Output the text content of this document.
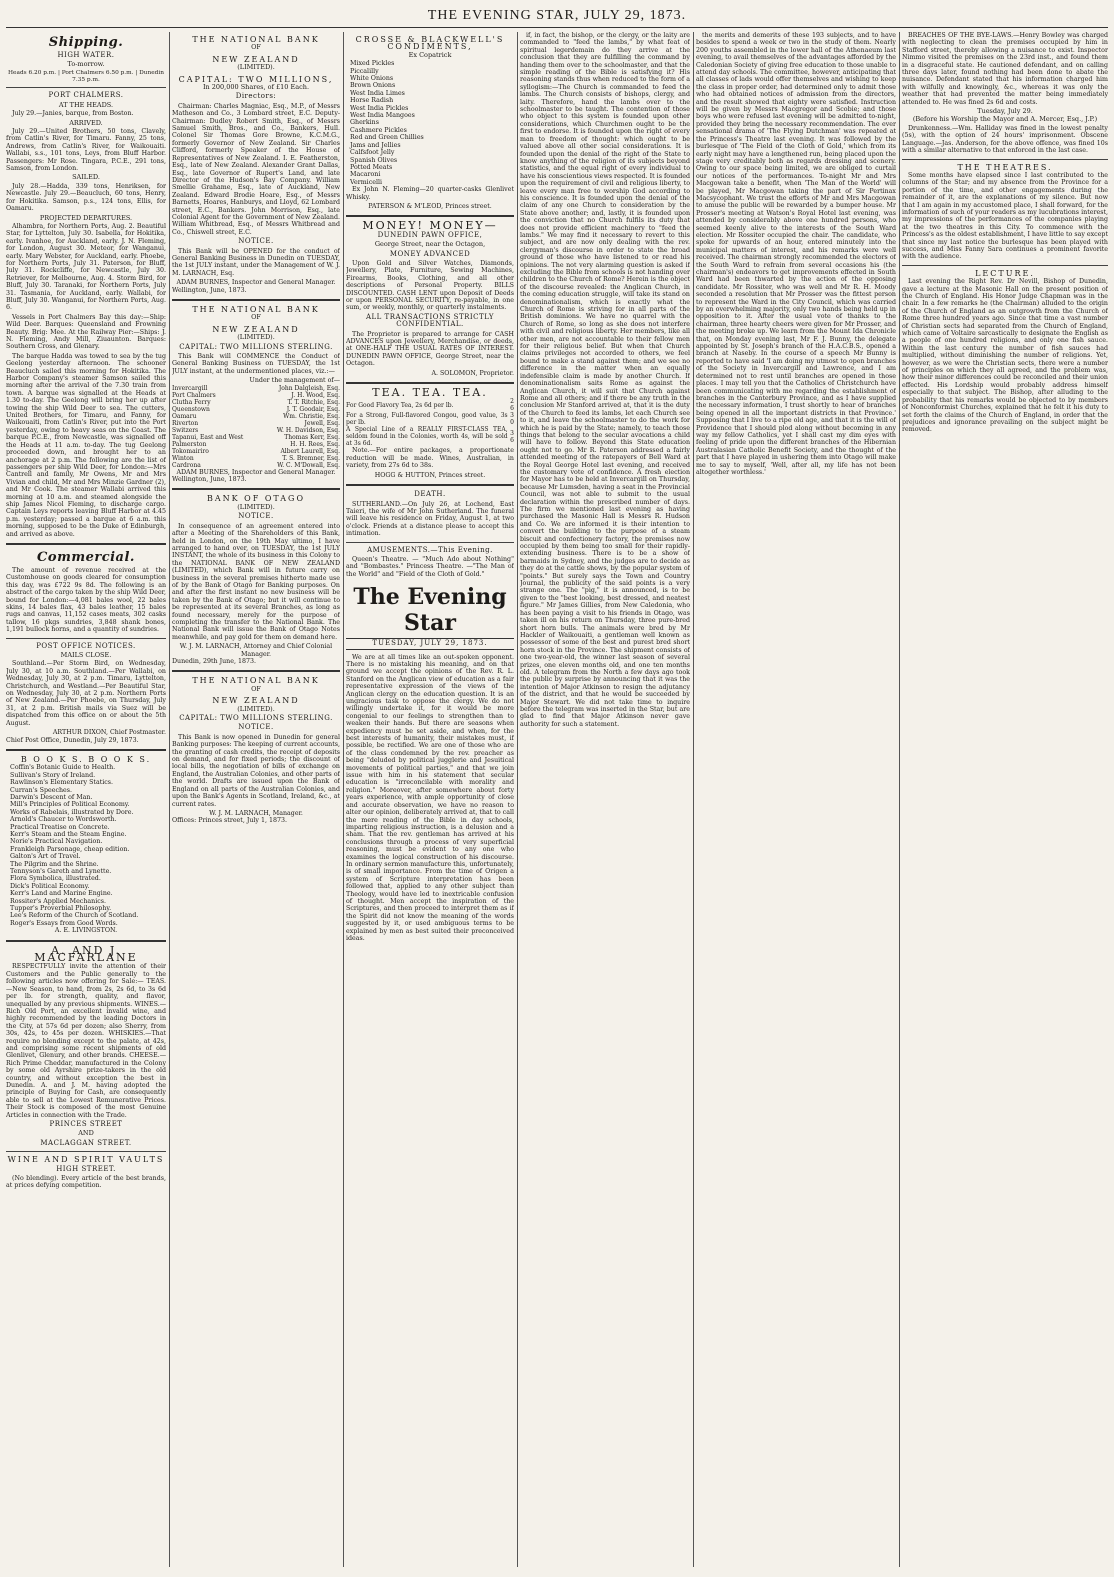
THE EVENING STAR, JULY 29, 1873.
Shipping.
HIGH WATER.
To-morrow.
Heads 6.20 p.m. | Port Chalmers 6.50 p.m. | Dunedin 7.35 p.m.
PORT CHALMERS.
AT THE HEADS.

July 29.—Janies, barque, from Boston.

ARRIVED.

July 29.—United Brothers, 50 tons, Clavely, from Catlin's River, for Timaru. Fanny, 25 tons, Andrews, from Catlin's River, for Waikouaiti. Wallabi, s.s., 101 tons, Leys, from Bluff Harbor. Passengers: Mr Rose. Tingara, P.C.E., 291 tons, Samson, from London.

SAILED.

July 28.—Hadda, 339 tons, Henriksen, for Newcastle. July 29.—Beaucluch, 60 tons, Henry, for Hokitika. Samson, p.s., 124 tons, Ellis, for Oamaru.

PROJECTED DEPARTURES.

Alhambra, for Northern Ports, Aug. 2. Beautiful Star, for Lyttelton, July 30. Isabella, for Hokitika, early. Ivanhoe, for Auckland, early. J. N. Fleming, for London, August 30. Meteor, for Wanganui, early. Mary Webster, for Auckland, early. Phoebe, for Northern Ports, July 31. Paterson, for Bluff, July 31. Rockcliffe, for Newcastle, July 30. Retriever, for Melbourne, Aug. 4. Storm Bird, for Bluff, July 30. Taranaki, for Northern Ports, July 31. Tasmania, for Auckland, early. Wallabi, for Bluff, July 30. Wanganui, for Northern Ports, Aug. 6.

Vessels in Port Chalmers Bay this day:—Ship: Wild Deer. Barques: Queensland and Frowning Beauty. Brig: Mee. At the Railway Pier:—Ships: J. N. Fleming, Andy Mill, Ziuaunton. Barques: Southern Cross, and Glenary.

The barque Hadda was towed to sea by the tug Geelong yesterday afternoon. The schooner Beaucluch sailed this morning for Hokitika. The Harbor Company's steamer Samson sailed this morning after the arrival of the 7.30 train from town. A barque was signalled at the Heads at 1.30 to-day. The Geelong will bring her up after towing the ship Wild Deer to sea. The cutters, United Brothers, for Timaru, and Fanny, for Waikouaiti, from Catlin's River, put into the Port yesterday, owing to heavy seas on the Coast. The barque P.C.E., from Newcastle, was signalled off the Heads at 11 a.m. to-day. The tug Geelong proceeded down, and brought her to an anchorage at 2 p.m. The following are the list of passengers per ship Wild Deer, for London:—Mrs Cantrell and family, Mr Owens, Mr and Mrs Vivian and child, Mr and Mrs Minzie Gardner (2), and Mr Cook. The steamer Wallabi arrived this morning at 10 a.m. and steamed alongside the ship James Nicol Fleming, to discharge cargo. Captain Leys reports leaving Bluff Harbor at 4.45 p.m. yesterday; passed a barque at 6 a.m. this morning, supposed to be the Duke of Edinburgh, and arrived as above.

Commercial.

The amount of revenue received at the Customhouse on goods cleared for consumption this day, was £722 9s 8d. The following is an abstract of the cargo taken by the ship Wild Deer, bound for London:—4,081 bales wool, 22 bales skins, 14 bales flax, 43 bales leather, 15 bales rugs and canvas, 11,152 cases meats, 302 casks tallow, 16 pkgs sundries, 3,848 shank bones, 1,191 bullock horns, and a quantity of sundries.

POST OFFICE NOTICES.
MAILS CLOSE.

Southland.—Per Storm Bird, on Wednesday, July 30, at 10 a.m. Southland.—Per Wallabi, on Wednesday, July 30, at 2 p.m. Timaru, Lyttelton, Christchurch, and Westland.—Per Beautiful Star, on Wednesday, July 30, at 2 p.m. Northern Ports of New Zealand.—Per Phoebe, on Thursday, July 31, at 2 p.m. British mails via Suez will be dispatched from this office on or about the 5th August.

ARTHUR DIXON, Chief Postmaster.
Chief Post Office, Dunedin, July 29, 1873.
B O O K S. B O O K S.
Coffin's Botanic Guide to Health.
Sullivan's Story of Ireland.
Rawlinson's Elementary Statics.
Curran's Speeches.
Darwin's Descent of Man.
Mill's Principles of Political Economy.
Works of Rabelais, illustrated by Dore.
Arnold's Chaucer to Wordsworth.
Practical Treatise on Concrete.
Kerr's Steam and the Steam Engine.
Norie's Practical Navigation.
Frankleigh Parsonage, cheap edition.
Galton's Art of Travel.
The Pilgrim and the Shrine.
Tennyson's Gareth and Lynette.
Flora Symbolica, illustrated.
Dick's Political Economy.
Kerr's Land and Marine Engine.
Rossiter's Applied Mechanics.
Tupper's Proverbial Philosophy.
Lee's Reform of the Church of Scotland.
Roger's Essays from Good Words.
A. E. LIVINGSTON.
A. AND J. MACFARLANE

RESPECTFULLY invite the attention of their Customers and the Public generally to the following articles now offering for Sale:— TEAS.—New Season, to hand, from 2s, 2s 6d, to 3s 6d per lb. for strength, quality, and flavor, unequalled by any previous shipments. WINES.—Rich Old Port, an excellent invalid wine, and highly recommended by the leading Doctors in the City, at 57s 6d per dozen; also Sherry, from 30s, 42s, to 45s per dozen. WHISKIES.—That require no blending except to the palate, at 42s, and comprising some recent shipments of old Glenlivet, Glenury, and other brands. CHEESE.—Rich Prime Cheddar, manufactured in the Colony by some old Ayrshire prize-takers in the old country, and without exception the best in Dunedin. A. and J. M. having adopted the principle of Buying for Cash, are consequently able to sell at the Lowest Remunerative Prices. Their Stock is composed of the most Genuine Articles in connection with the Trade.

PRINCES STREET
AND
MACLAGGAN STREET.
WINE AND SPIRIT VAULTS
HIGH STREET.

(No blending). Every article of the best brands, at prices defying competition.

THE NATIONAL BANK
OF
NEW ZEALAND
(LIMITED).
CAPITAL: TWO MILLIONS,
In 200,000 Shares, of £10 Each.
Directors:

Chairman: Charles Magniac, Esq., M.P., of Messrs Matheson and Co., 3 Lombard street, E.C. Deputy-Chairman: Dudley Robert Smith, Esq., of Messrs Samuel Smith, Bros., and Co., Bankers, Hull. Colonel Sir Thomas Gore Browne, K.C.M.G., formerly Governor of New Zealand. Sir Charles Clifford, formerly Speaker of the House of Representatives of New Zealand. I. E. Featherston, Esq., late of New Zealand. Alexander Grant Dallas, Esq., late Governor of Rupert's Land, and late Director of the Hudson's Bay Company. William Smellie Grahame, Esq., late of Auckland, New Zealand. Edward Brodie Hoare, Esq., of Messrs Barnetts, Hoares, Hanburys, and Lloyd, 62 Lombard street, E.C., Bankers. John Morrison, Esq., late Colonial Agent for the Government of New Zealand. William Whitbread, Esq., of Messrs Whitbread and Co., Chiswell street, E.C.

NOTICE.

This Bank will be OPENED for the conduct of General Banking Business in Dunedin on TUESDAY, the 1st JULY instant, under the Management of W. J. M. LARNACH, Esq.

ADAM BURNES, Inspector and General Manager.
Wellington, June, 1873.
THE NATIONAL BANK
OF
NEW ZEALAND
(LIMITED).
CAPITAL: TWO MILLIONS STERLING.

This Bank will COMMENCE the Conduct of General Banking Business on TUESDAY, the 1st JULY instant, at the undermentioned places, viz.:—

Under the management of—
Invercargill	John Dalgleish, Esq.
Port Chalmers	J. H. Wood, Esq.
Clutha Ferry	T. T. Ritchie, Esq.
Queenstown	J. T. Goodair, Esq.
Oamaru	Wm. Christie, Esq.
Riverton	Jewell, Esq.
Switzers	W. H. Davidson, Esq.
Tapanui, East and West	Thomas Kerr, Esq.
Palmerston	H. H. Rees, Esq.
Tokomairiro	Albert Laurell, Esq.
Winton	T. S. Bremner, Esq.
Cardrona	W. C. M'Dowall, Esq.
ADAM BURNES, Inspector and General Manager.
Wellington, June, 1873.
BANK OF OTAGO
(LIMITED).
NOTICE.

In consequence of an agreement entered into after a Meeting of the Shareholders of this Bank, held in London, on the 19th May ultimo, I have arranged to hand over, on TUESDAY, the 1st JULY INSTANT, the whole of its business in this Colony to the NATIONAL BANK OF NEW ZEALAND (LIMITED), which Bank will in future carry on business in the several premises hitherto made use of by the Bank of Otago for Banking purposes. On and after the first instant no new business will be taken by the Bank of Otago; but it will continue to be represented at its several Branches, as long as found necessary, merely for the purpose of completing the transfer to the National Bank. The National Bank will issue the Bank of Otago Notes meanwhile, and pay gold for them on demand here.

W. J. M. LARNACH, Attorney and Chief Colonial Manager.
Dunedin, 29th June, 1873.
THE NATIONAL BANK
OF
NEW ZEALAND
(LIMITED).
CAPITAL: TWO MILLIONS STERLING.
NOTICE.

This Bank is now opened in Dunedin for general Banking purposes: The keeping of current accounts, the granting of cash credits, the receipt of deposits on demand, and for fixed periods; the discount of local bills, the negotiation of bills of exchange on England, the Australian Colonies, and other parts of the world. Drafts are issued upon the Bank of England on all parts of the Australian Colonies, and upon the Bank's Agents in Scotland, Ireland, &c., at current rates.

W. J. M. LARNACH, Manager.
Offices: Princes street, July 1, 1873.
CROSSE & BLACKWELL'S CONDIMENTS,
Ex Copatrick
Mixed Pickles
Piccalilly
White Onions
Brown Onions
West India Limes
Horse Radish
West India Pickles
West India Mangoes
Gherkins
Cashmere Pickles
Red and Green Chillies
Jams and Jellies
Calfsfoot Jelly
Spanish Olives
Potted Meats
Macaroni
Vermicelli

Ex John N. Fleming—20 quarter-casks Glenlivet Whisky.

PATERSON & M'LEOD, Princes street.
MONEY! MONEY—
DUNEDIN PAWN OFFICE,
George Street, near the Octagon,
MONEY ADVANCED

Upon Gold and Silver Watches, Diamonds, Jewellery, Plate, Furniture, Sewing Machines, Firearms, Books, Clothing, and all other descriptions of Personal Property. BILLS DISCOUNTED. CASH LENT upon Deposit of Deeds or upon PERSONAL SECURITY, re-payable, in one sum, or weekly, monthly, or quarterly instalments.

ALL TRANSACTIONS STRICTLY CONFIDENTIAL.

The Proprietor is prepared to arrange for CASH ADVANCES upon Jewellery, Merchandise, or deeds, at ONE-HALF THE USUAL RATES OF INTEREST. DUNEDIN PAWN OFFICE, George Street, near the Octagon.

A. SOLOMON, Proprietor.
TEA. TEA. TEA.
For Good Flavory Tea, 2s 6d per lb.	2 6
For a Strong, Full-flavored Congou, good value, 3s per lb.	3 0
A Special Line of a REALLY FIRST-CLASS TEA, seldom found in the Colonies, worth 4s, will be sold at 3s 6d.	3 6

Note.—For entire packages, a proportionate reduction will be made. Wines, Australian, in variety, from 27s 6d to 38s.

HOGG & HUTTON, Princes street.
DEATH.

SUTHERLAND.—On July 26, at Lochend, East Taieri, the wife of Mr John Sutherland. The funeral will leave his residence on Friday, August 1, at two o'clock. Friends at a distance please to accept this intimation.

AMUSEMENTS.—This Evening.

Queen's Theatre. — "Much Ado about Nothing" and "Bombastes." Princess Theatre. —"The Man of the World" and "Field of the Cloth of Gold."

The Evening Star
TUESDAY, JULY 29, 1873.

We are at all times like an out-spoken opponent. There is no mistaking his meaning, and on that ground we accept the opinions of the Rev. R. L. Stanford on the Anglican view of education as a fair representative expression of the views of the Anglican clergy on the education question. It is an ungracious task to oppose the clergy. We do not willingly undertake it, for it would be more congenial to our feelings to strengthen than to weaken their hands. But there are seasons when expediency must be set aside, and when, for the best interests of humanity, their mistakes must, if possible, be rectified. We are one of those who are of the class condemned by the rev. preacher as being "deluded by political jugglerie and Jesuitical movements of political parties," and that we join issue with him in his statement that secular education is "irreconcilable with morality and religion." Moreover, after somewhere about forty years experience, with ample opportunity of close and accurate observation, we have no reason to alter our opinion, deliberately arrived at, that to call the mere reading of the Bible in day schools, imparting religious instruction, is a delusion and a sham. That the rev. gentleman has arrived at his conclusions through a process of very superficial reasoning, must be evident to any one who examines the logical construction of his discourse. In ordinary sermon manufacture this, unfortunately, is of small importance. From the time of Origen a system of Scripture interpretation has been followed that, applied to any other subject than Theology, would have led to inextricable confusion of thought. Men accept the inspiration of the Scriptures, and then proceed to interpret them as if the Spirit did not know the meaning of the words suggested by it, or used ambiguous terms to be explained by men as best suited their preconceived ideas.

if, in fact, the bishop, or the clergy, or the laity are commanded to "feed the lambs," by what feat of spiritual legerdemain do they arrive at the conclusion that they are fulfilling the command by handing them over to the schoolmaster, and that the simple reading of the Bible is satisfying it? His reasoning stands thus when reduced to the form of a syllogism:—The Church is commanded to feed the lambs. The Church consists of bishops, clergy, and laity. Therefore, hand the lambs over to the schoolmaster to be taught. The contention of those who object to this system is founded upon other considerations, which Churchmen ought to be the first to endorse. It is founded upon the right of every man to freedom of thought: which ought to be valued above all other social considerations. It is founded upon the denial of the right of the State to know anything of the religion of its subjects beyond statistics, and the equal right of every individual to have his conscientious views respected. It is founded upon the requirement of civil and religious liberty, to leave every man free to worship God according to his conscience. It is founded upon the denial of the claim of any one Church to consideration by the State above another; and, lastly, it is founded upon the conviction that no Church fulfils its duty that does not provide efficient machinery to "feed the lambs." We may find it necessary to revert to this subject, and are now only dealing with the rev. clergyman's discourse in order to state the broad ground of those who have listened to or read his opinions. The not very alarming question is asked if excluding the Bible from schools is not handing over children to the Church of Rome? Herein is the object of the discourse revealed: the Anglican Church, in the coming education struggle, will take its stand on denominationalism, which is exactly what the Church of Rome is striving for in all parts of the British dominions. We have no quarrel with the Church of Rome, so long as she does not interfere with civil and religious liberty. Her members, like all other men, are not accountable to their fellow men for their religious belief. But when that Church claims privileges not accorded to others, we feel bound to make a stand against them; and we see no difference in the matter when an equally indefensible claim is made by another Church. If denominationalism saits Rome as against the Anglican Church, it will suit that Church against Rome and all others; and if there be any truth in the conclusion Mr Stanford arrived at, that it is the duty of the Church to feed its lambs, let each Church see to it, and leave the schoolmaster to do the work for which he is paid by the State; namely, to teach those things that belong to the secular avocations a child will have to follow. Beyond this State education ought not to go. Mr R. Paterson addressed a fairly attended meeting of the ratepayers of Bell Ward at the Royal George Hotel last evening, and received the customary vote of confidence. A fresh election for Mayor has to be held at Invercargill on Thursday, because Mr Lumsden, having a seat in the Provincial Council, was not able to submit to the usual declaration within the prescribed number of days. The firm we mentioned last evening as having purchased the Masonic Hall is Messrs R. Hudson and Co. We are informed it is their intention to convert the building to the purpose of a steam biscuit and confectionery factory, the premises now occupied by them being too small for their rapidly-extending business. There is to be a show of barmaids in Sydney, and the judges are to decide as they do at the cattle shows, by the popular system of "points." But surely says the Town and Country Journal, the publicity of the said points is a very strange one. The "pig," it is announced, is to be given to the "best looking, best dressed, and neatest figure." Mr James Gillies, from New Caledonia, who has been paying a visit to his friends in Otago, was taken ill on his return on Thursday, three pure-bred short horn bulls. The animals were bred by Mr Hackler of Waikouaiti, a gentleman well known as possessor of some of the best and purest bred short horn stock in the Province. The shipment consists of one two-year-old, the winner last season of several prizes, one eleven months old, and one ten months old. A telegram from the North a few days ago took the public by surprise by announcing that it was the intention of Major Atkinson to resign the adjutancy of the district, and that he would be succeeded by Major Stewart. We did not take time to inquire before the telegram was inserted in the Star, but are glad to find that Major Atkinson never gave authority for such a statement.

the merits and demerits of these 193 subjects, and to have besides to spend a week or two in the study of them. Nearly 200 youths assembled in the lower hall of the Athenaeum last evening, to avail themselves of the advantages afforded by the Caledonian Society of giving free education to those unable to attend day schools. The committee, however, anticipating that all classes of lads would offer themselves and wishing to keep the class in proper order, had determined only to admit those who had obtained notices of admission from the directors, and the result showed that eighty were satisfied. Instruction will be given by Messrs Macgregor and Scobie; and those boys who were refused last evening will be admitted to-night, provided they bring the necessary recommendation. The ever sensational drama of 'The Flying Dutchman' was repeated at the Princess's Theatre last evening. It was followed by the burlesque of 'The Field of the Cloth of Gold,' which from its early night may have a lengthened run, being placed upon the stage very creditably both as regards dressing and scenery. Owing to our space being limited, we are obliged to curtail our notices of the performances. To-night Mr and Mrs Macgowan take a benefit, when 'The Man of the World' will be played, Mr Macgowan taking the part of Sir Pertinax Macsycophant. We trust the efforts of Mr and Mrs Macgowan to amuse the public will be rewarded by a bumper house. Mr Prosser's meeting at Watson's Royal Hotel last evening, was attended by considerably above one hundred persons, who seemed keenly alive to the interests of the South Ward election. Mr Rossiter occupied the chair. The candidate, who spoke for upwards of an hour, entered minutely into the municipal matters of interest, and his remarks were well received. The chairman strongly recommended the electors of the South Ward to refrain from several occasions his (the chairman's) endeavors to get improvements effected in South Ward had been thwarted by the action of the opposing candidate. Mr Rossiter, who was well and Mr R. H. Moody seconded a resolution that Mr Prosser was the fittest person to represent the Ward in the City Council, which was carried by an overwhelming majority, only two hands being held up in opposition to it. After the usual vote of thanks to the chairman, three hearty cheers were given for Mr Prosser, and the meeting broke up. We learn from the Mount Ida Chronicle that, on Monday evening last, Mr F. J. Bunny, the delegate appointed by St. Joseph's branch of the H.A.C.B.S., opened a branch at Naseby. In the course of a speech Mr Bunny is reported to have said 'I am doing my utmost to open branches of the Society in Invercargill and Lawrence, and I am determined not to rest until branches are opened in those places. I may tell you that the Catholics of Christchurch have been communicating with me regarding the establishment of branches in the Canterbury Province, and as I have supplied the necessary information, I trust shortly to hear of branches being opened in all the important districts in that Province.' Supposing that I live to a ripe old age, and that it is the will of Providence that I should plod along without becoming in any way my fellow Catholics, yet I shall cast my dim eyes with feeling of pride upon the different branches of the Hibernian Australasian Catholic Benefit Society, and the thought of the part that I have played in ushering them into Otago will make me to say to myself, 'Well, after all, my life has not been altogether worthless.'

BREACHES OF THE BYE-LAWS.—Henry Bowley was charged with neglecting to clean the premises occupied by him in Stafford street, thereby allowing a nuisance to exist. Inspector Nimmo visited the premises on the 23rd inst., and found them in a disgraceful state. He cautioned defendant, and on calling three days later, found nothing had been done to abate the nuisance. Defendant stated that his information charged him with wilfully and knowingly, &c., whereas it was only the weather that had prevented the matter being immediately attended to. He was fined 2s 6d and costs.

Tuesday, July 29.
(Before his Worship the Mayor and A. Mercer, Esq., J.P.)

Drunkenness.—Wm. Halliday was fined in the lowest penalty (5s), with the option of 24 hours' imprisonment. Obscene Language.—Jas. Anderson, for the above offence, was fined 10s with a similar alternative to that enforced in the last case.

THE THEATRES.

Some months have elapsed since I last contributed to the columns of the Star; and my absence from the Province for a portion of the time, and other engagements during the remainder of it, are the explanations of my silence. But now that I am again in my accustomed place, I shall forward, for the information of such of your readers as my lucubrations interest, my impressions of the performances of the companies playing at the two theatres in this City. To commence with the Princess's as the oldest establishment, I have little to say except that since my last notice the burlesque has been played with success, and Miss Fanny Sara continues a prominent favorite with the audience.

LECTURE.

Last evening the Right Rev. Dr Nevill, Bishop of Dunedin, gave a lecture at the Masonic Hall on the present position of the Church of England. His Honor Judge Chapman was in the chair. In a few remarks he (the Chairman) alluded to the origin of the Church of England as an outgrowth from the Church of Rome three hundred years ago. Since that time a vast number of Christian sects had separated from the Church of England, which came of Voltaire sarcastically to designate the English as a people of one hundred religions, and only one fish sauce. Within the last century the number of fish sauces had multiplied, without diminishing the number of religions. Yet, however, as we were the Christian sects, there were a number of principles on which they all agreed, and the problem was, how their minor differences could be reconciled and their union effected. His Lordship would probably address himself especially to that subject. The Bishop, after alluding to the probability that his remarks would be objected to by members of Nonconformist Churches, explained that he felt it his duty to set forth the claims of the Church of England, in order that the prejudices and ignorance prevailing on the subject might be removed.
